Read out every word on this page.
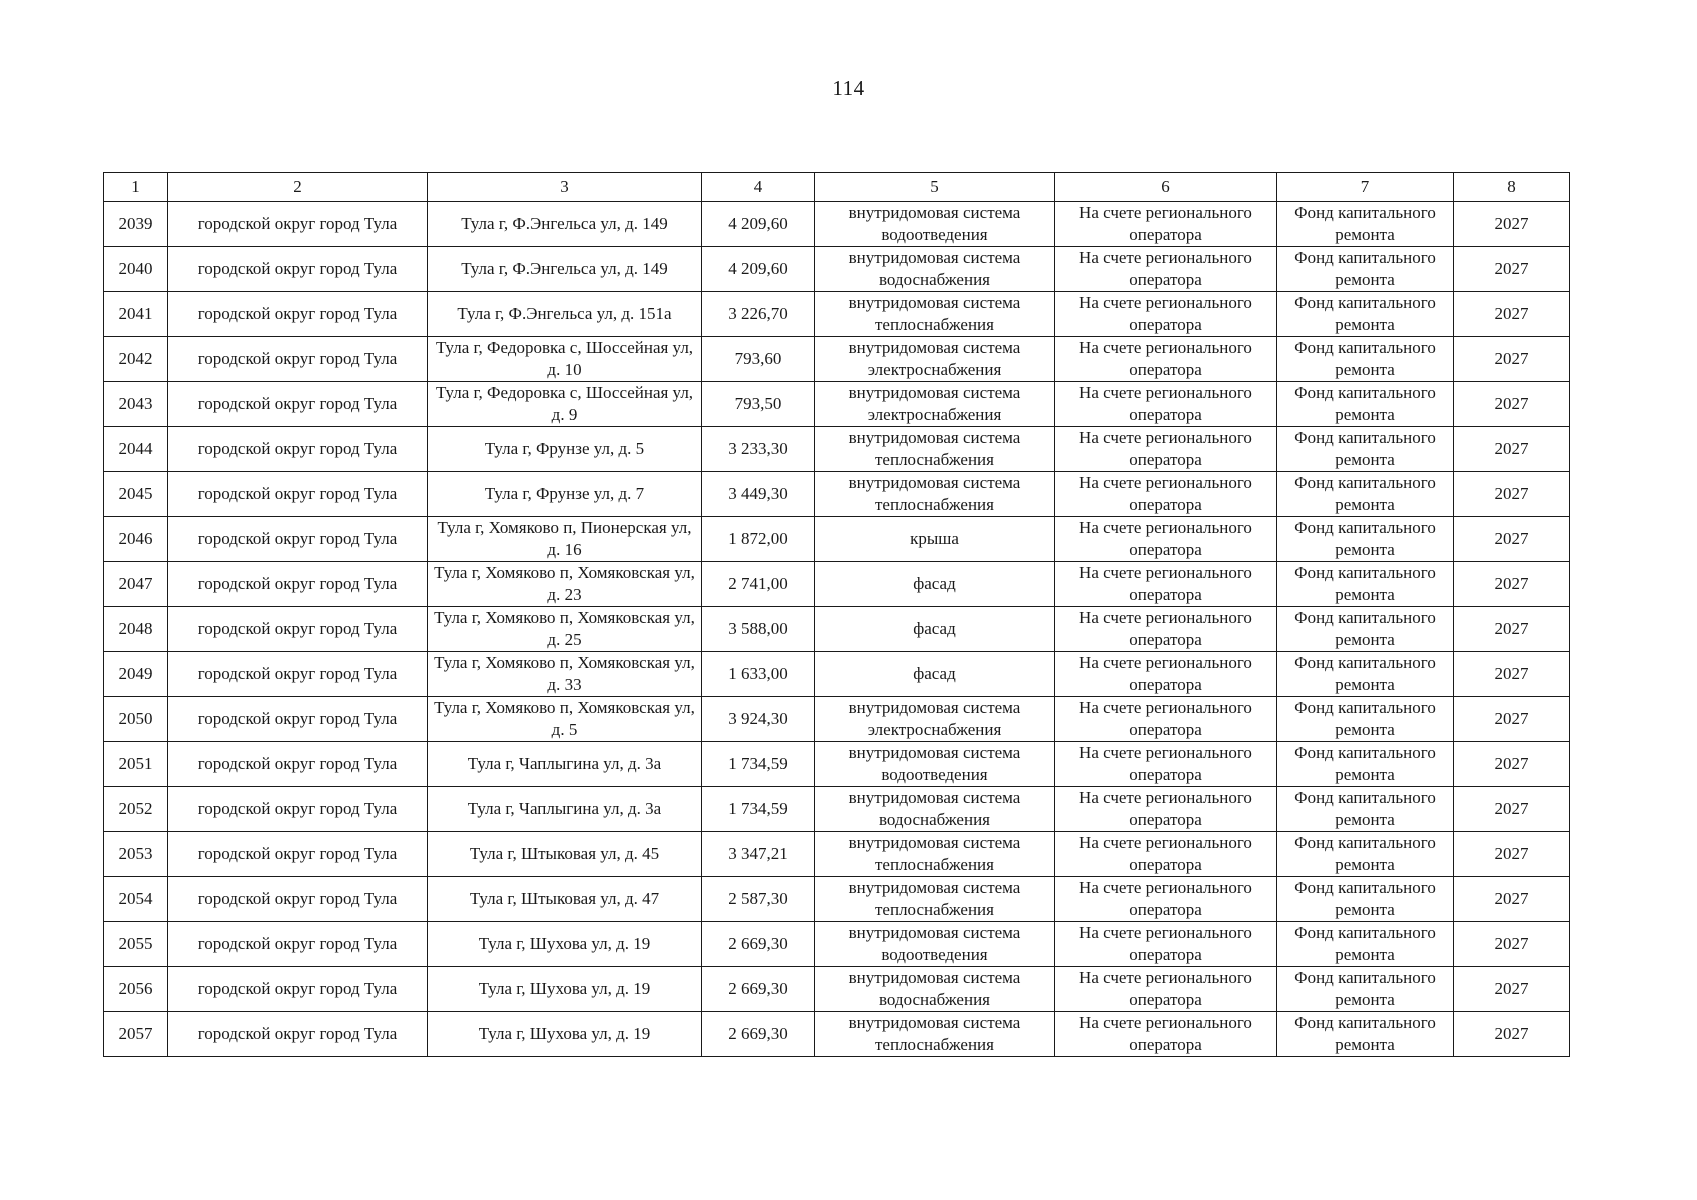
114
1	2	3	4	5	6	7	8
2039	городской округ город Тула	Тула г, Ф.Энгельса ул, д. 149	4 209,60	внутридомовая система водоотведения	На счете регионального оператора	Фонд капитального ремонта	2027
2040	городской округ город Тула	Тула г, Ф.Энгельса ул, д. 149	4 209,60	внутридомовая система водоснабжения	На счете регионального оператора	Фонд капитального ремонта	2027
2041	городской округ город Тула	Тула г, Ф.Энгельса ул, д. 151а	3 226,70	внутридомовая система теплоснабжения	На счете регионального оператора	Фонд капитального ремонта	2027
2042	городской округ город Тула	Тула г, Федоровка с, Шоссейная ул, д. 10	793,60	внутридомовая система электроснабжения	На счете регионального оператора	Фонд капитального ремонта	2027
2043	городской округ город Тула	Тула г, Федоровка с, Шоссейная ул, д. 9	793,50	внутридомовая система электроснабжения	На счете регионального оператора	Фонд капитального ремонта	2027
2044	городской округ город Тула	Тула г, Фрунзе ул, д. 5	3 233,30	внутридомовая система теплоснабжения	На счете регионального оператора	Фонд капитального ремонта	2027
2045	городской округ город Тула	Тула г, Фрунзе ул, д. 7	3 449,30	внутридомовая система теплоснабжения	На счете регионального оператора	Фонд капитального ремонта	2027
2046	городской округ город Тула	Тула г, Хомяково п, Пионерская ул, д. 16	1 872,00	крыша	На счете регионального оператора	Фонд капитального ремонта	2027
2047	городской округ город Тула	Тула г, Хомяково п, Хомяковская ул, д. 23	2 741,00	фасад	На счете регионального оператора	Фонд капитального ремонта	2027
2048	городской округ город Тула	Тула г, Хомяково п, Хомяковская ул, д. 25	3 588,00	фасад	На счете регионального оператора	Фонд капитального ремонта	2027
2049	городской округ город Тула	Тула г, Хомяково п, Хомяковская ул, д. 33	1 633,00	фасад	На счете регионального оператора	Фонд капитального ремонта	2027
2050	городской округ город Тула	Тула г, Хомяково п, Хомяковская ул, д. 5	3 924,30	внутридомовая система электроснабжения	На счете регионального оператора	Фонд капитального ремонта	2027
2051	городской округ город Тула	Тула г, Чаплыгина ул, д. 3а	1 734,59	внутридомовая система водоотведения	На счете регионального оператора	Фонд капитального ремонта	2027
2052	городской округ город Тула	Тула г, Чаплыгина ул, д. 3а	1 734,59	внутридомовая система водоснабжения	На счете регионального оператора	Фонд капитального ремонта	2027
2053	городской округ город Тула	Тула г, Штыковая ул, д. 45	3 347,21	внутридомовая система теплоснабжения	На счете регионального оператора	Фонд капитального ремонта	2027
2054	городской округ город Тула	Тула г, Штыковая ул, д. 47	2 587,30	внутридомовая система теплоснабжения	На счете регионального оператора	Фонд капитального ремонта	2027
2055	городской округ город Тула	Тула г, Шухова ул, д. 19	2 669,30	внутридомовая система водоотведения	На счете регионального оператора	Фонд капитального ремонта	2027
2056	городской округ город Тула	Тула г, Шухова ул, д. 19	2 669,30	внутридомовая система водоснабжения	На счете регионального оператора	Фонд капитального ремонта	2027
2057	городской округ город Тула	Тула г, Шухова ул, д. 19	2 669,30	внутридомовая система теплоснабжения	На счете регионального оператора	Фонд капитального ремонта	2027
